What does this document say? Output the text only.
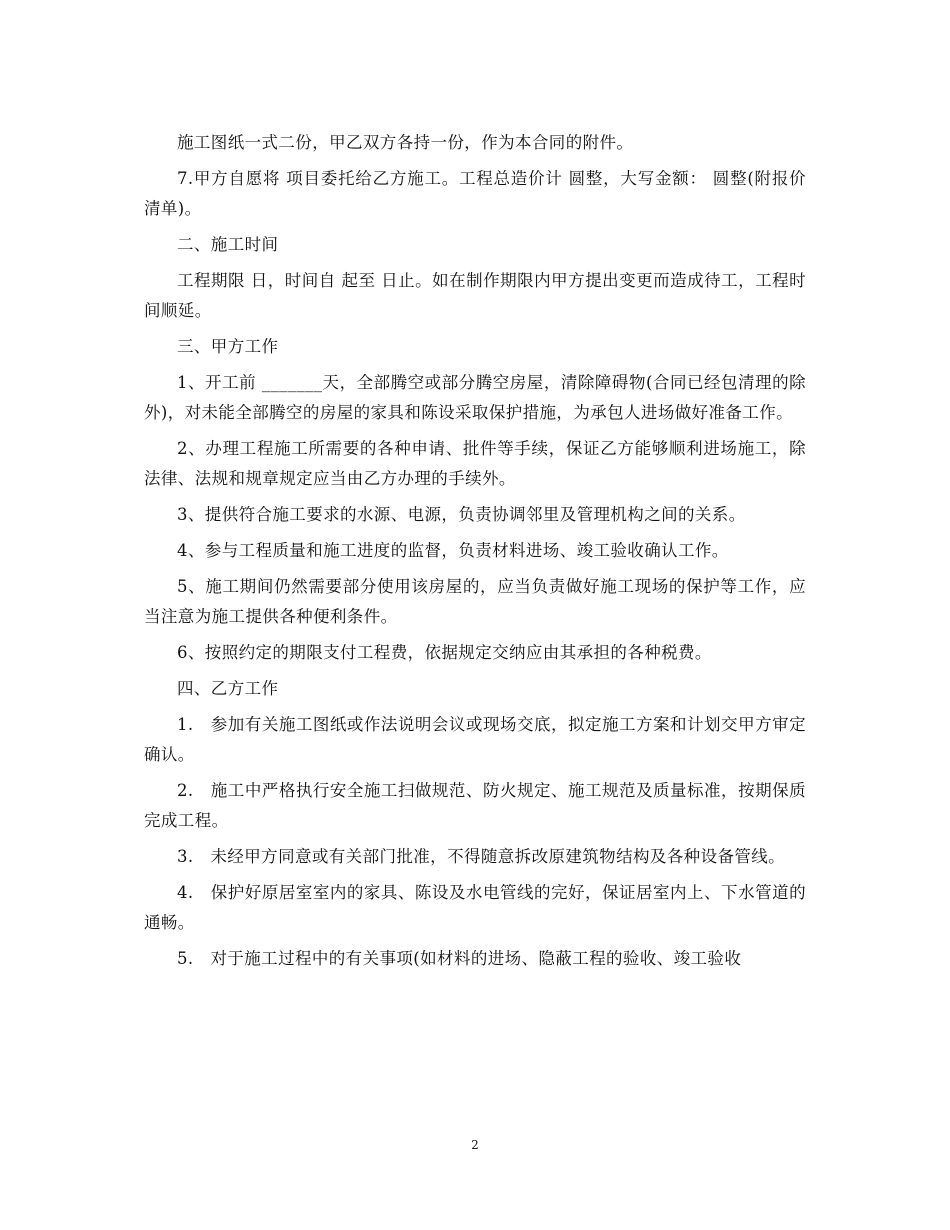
施工图纸一式二份，甲乙双方各持一份，作为本合同的附件。

7.甲方自愿将 项目委托给乙方施工。工程总造价计 圆整，大写金额： 圆整(附报价清单)。

二、施工时间

工程期限 日，时间自 起至 日止。如在制作期限内甲方提出变更而造成待工，工程时间顺延。

三、甲方工作

1、开工前 _______天，全部腾空或部分腾空房屋，清除障碍物(合同已经包清理的除外)，对未能全部腾空的房屋的家具和陈设采取保护措施，为承包人进场做好准备工作。

2、办理工程施工所需要的各种申请、批件等手续，保证乙方能够顺利进场施工，除法律、法规和规章规定应当由乙方办理的手续外。

3、提供符合施工要求的水源、电源，负责协调邻里及管理机构之间的关系。

4、参与工程质量和施工进度的监督，负责材料进场、竣工验收确认工作。

5、施工期间仍然需要部分使用该房屋的，应当负责做好施工现场的保护等工作，应当注意为施工提供各种便利条件。

6、按照约定的期限支付工程费，依据规定交纳应由其承担的各种税费。

四、乙方工作

1.   参加有关施工图纸或作法说明会议或现场交底，拟定施工方案和计划交甲方审定确认。

2.   施工中严格执行安全施工扫做规范、防火规定、施工规范及质量标准，按期保质完成工程。

3.   未经甲方同意或有关部门批准，不得随意拆改原建筑物结构及各种设备管线。

4.   保护好原居室室内的家具、陈设及水电管线的完好，保证居室内上、下水管道的通畅。

5.   对于施工过程中的有关事项(如材料的进场、隐蔽工程的验收、竣工验收

2
